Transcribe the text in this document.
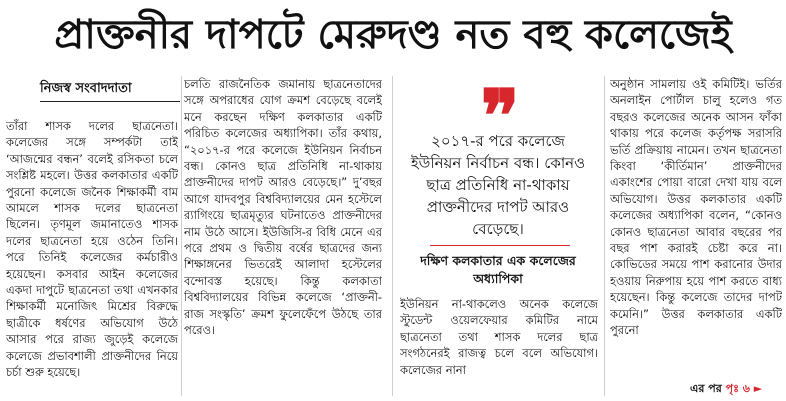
প্রাক্তনীর দাপটে মেরুদণ্ড নত বহু কলেজেই
নিজস্ব সংবাদদাতা

তাঁরা শাসক দলের ছাত্রনেতা। কলেজের সঙ্গে সম্পর্কটা তাই ‘আজন্মের বন্ধন’ বলেই রসিকতা চলে সংশ্লিষ্ট মহলে। উত্তর কলকাতার একটি পুরনো কলেজে জনৈক শিক্ষাকর্মী বাম আমলে শাসক দলের ছাত্রনেতা ছিলেন। তৃণমূল জমানাতেও শাসক দলের ছাত্রনেতা হয়ে ওঠেন তিনি। পরে তিনিই কলেজের কর্মচারীও হয়েছেন। কসবার আইন কলেজের একদা দাপুটে ছাত্রনেতা তথা এখনকার শিক্ষাকর্মী মনোজিৎ মিশ্রের বিরুদ্ধে ছাত্রীকে ধর্ষণের অভিযোগ উঠে আসার পরে রাজ্য জুড়েই কলেজে কলেজে প্রভাবশালী প্রাক্তনীদের নিয়ে চর্চা শুরু হয়েছে।

চলতি রাজনৈতিক জমানায় ছাত্রনেতাদের সঙ্গে অপরাধের যোগ ক্রমশ বেড়েছে বলেই মনে করছেন দক্ষিণ কলকাতার একটি পরিচিত কলেজের অধ্যাপিকা। তাঁর কথায়, “২০১৭-র পরে কলেজে ইউনিয়ন নির্বাচন বন্ধ। কোনও ছাত্র প্রতিনিধি না-থাকায় প্রাক্তনীদের দাপট আরও বেড়েছে।” দু’বছর আগে যাদবপুর বিশ্ববিদ্যালয়ের মেন হস্টেলে র‍্যাগিংয়ে ছাত্রমৃত্যুর ঘটনাতেও প্রাক্তনীদের নাম উঠে আসে। ইউজিসি-র বিধি মেনে এর পরে প্রথম ও দ্বিতীয় বর্ষের ছাত্রদের জন্য শিক্ষাঙ্গনের ভিতরেই আলাদা হস্টেলের বন্দোবস্ত হয়েছে। কিন্তু কলকাতা বিশ্ববিদ্যালয়ের বিভিন্ন কলেজে ‘প্রাক্তনী-রাজ সংস্কৃতি’ ক্রমশ ফুলেফেঁপে উঠছে তার পরেও।

❞
২০১৭-র পরে কলেজে ইউনিয়ন নির্বাচন বন্ধ। কোনও ছাত্র প্রতিনিধি না-থাকায় প্রাক্তনীদের দাপট আরও বেড়েছে।
দক্ষিণ কলকাতার এক কলেজের অধ্যাপিকা

ইউনিয়ন না-থাকলেও অনেক কলেজে স্টুডেন্ট ওয়েলফেয়ার কমিটির নামে ছাত্রনেতা তথা শাসক দলের ছাত্র সংগঠনেরই রাজত্ব চলে বলে অভিযোগ। কলেজের নানা

অনুষ্ঠান সামলায় ওই কমিটিই। ভর্তির অনলাইন পোর্টাল চালু হলেও গত বছরও কলেজের অনেক আসন ফাঁকা থাকায় পরে কলেজ কর্তৃপক্ষ সরাসরি ভর্তি প্রক্রিয়ায় নামেন। তখন ছাত্রনেতা কিংবা ‘কীর্তিমান’ প্রাক্তনীদের একাংশের পোয়া বারো দেখা যায় বলে অভিযোগ। উত্তর কলকাতার একটি কলেজের অধ্যাপিকা বলেন, “কোনও কোনও ছাত্রনেতা আবার বছরের পর বছর পাশ করারই চেষ্টা করে না। কোভিডের সময়ে পাশ করানোর উদার হওয়ায় নিরুপায় হয়ে পাশ করতে বাধ্য হয়েছেন। কিন্তু কলেজে তাদের দাপট কমেনি।” উত্তর কলকাতার একটি পুরনো

এর পর পৃঃ ৬ ►
